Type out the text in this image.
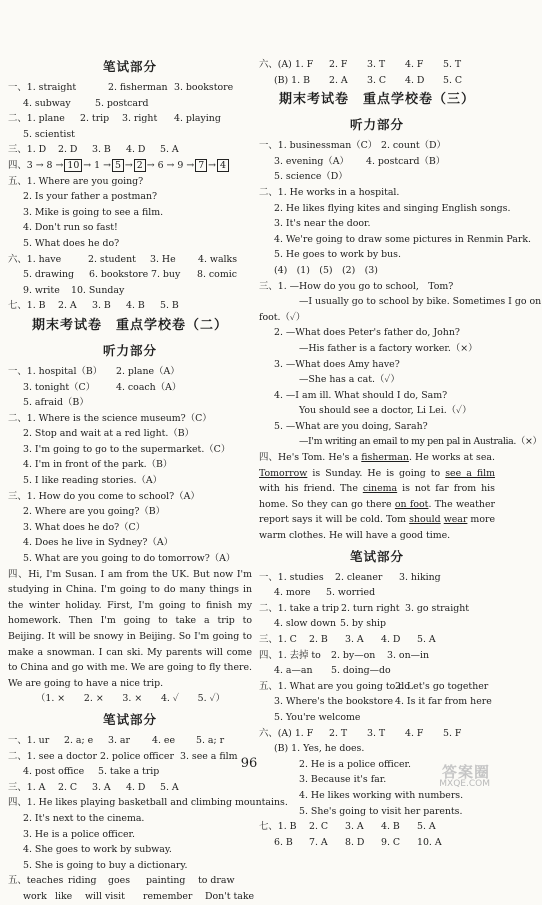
笔试部分
一、1. straight	2. fisherman 3. bookstore
4. subway	5. postcard
二、1. plane 2. trip 3. right 4. playing
5. scientist
三、1. D 2. D 3. B 4. D 5. A
四、3 → 8 → 10 → 1 → 5 → 2 → 6 → 9 → 7 → 4
五、1. Where are you going?
2. Is your father a postman?
3. Mike is going to see a film.
4. Don't run so fast!
5. What does he do?
六、1. have	2. student 3. He 4. walks
5. drawing 6. bookstore 7. buy 8. comic
9. write 10. Sunday
七、1. B 2. A 3. B 4. B 5. B
期末考试卷　重点学校卷（二）
听力部分
一、1. hospital（B） 2. plane（A）
3. tonight（C） 4. coach（A）
5. afraid（B）
二、1. Where is the science museum?（C）
2. Stop and wait at a red light.（B）
3. I'm going to go to the supermarket.（C）
4. I'm in front of the park.（B）
5. I like reading stories.（A）
三、1. How do you come to school?（A）
2. Where are you going?（B）
3. What does he do?（C）
4. Does he live in Sydney?（A）
5. What are you going to do tomorrow?（A）
四、Hi, I'm Susan. I am from the UK. But now I'm studying in China. I'm going to do many things in the winter holiday. First, I'm going to finish my homework. Then I'm going to take a trip to Beijing. It will be snowy in Beijing. So I'm going to make a snowman. I can ski. My parents will come to China and go with me. We are going to fly there. We are going to have a nice trip.
（1. ×　　2. ×　　3. ×　　4. ✓　　5. ✓）
笔试部分
一、1. ur 2. a; e 3. ar 4. ee 5. a; r
二、1. see a doctor 2. police officer 3. see a film
4. post office 5. take a trip
三、1. A 2. C 3. A 4. D 5. A
四、1. He likes playing basketball and climbing mountains.
2. It's next to the cinema.
3. He is a police officer.
4. She goes to work by subway.
5. She is going to buy a dictionary.
五、teaches riding goes painting to draw
work like will visit remember Don't take
六、(A) 1. F 2. F 3. T 4. F 5. T
(B) 1. B 2. A 3. C 4. D 5. C
期末考试卷　重点学校卷（三）
听力部分
一、1. businessman（C） 2. count（D）
3. evening（A） 4. postcard（B）
5. science（D）
二、1. He works in a hospital.
2. He likes flying kites and singing English songs.
3. It's near the door.
4. We're going to draw some pictures in Renmin Park.
5. He goes to work by bus.
(4)　(1)　(5)　(2)　(3)
三、1. —How do you go to school,　Tom?
—I usually go to school by bike. Sometimes I go on
foot.（✓）
2. —What does Peter's father do, John?
—His father is a factory worker.（×）
3. —What does Amy have?
—She has a cat.（✓）
4. —I am ill. What should I do, Sam?
You should see a doctor, Li Lei.（✓）
5. —What are you doing, Sarah?
—I'm writing an email to my pen pal in Australia.（×）
四、He's Tom. He's a fisherman. He works at sea. Tomorrow is Sunday. He is going to see a film with his friend. The cinema is not far from his home. So they can go there on foot. The weather report says it will be cold. Tom should wear more warm clothes. He will have a good time.
笔试部分
一、1. studies 2. cleaner 3. hiking
4. more 5. worried
二、1. take a trip 2. turn right 3. go straight
4. slow down 5. by ship
三、1. C 2. B 3. A 4. D 5. A
四、1. 去掉 to 2. by—on 3. on—in
4. a—an 5. doing—do
五、1. What are you going to do2. Let's go together
3. Where's the bookstore 4. Is it far from here
5. You're welcome
六、(A) 1. F 2. T 3. T 4. F 5. F
(B) 1. Yes, he does.
2. He is a police officer.
3. Because it's far.
4. He likes working with numbers.
5. She's going to visit her parents.
七、1. B 2. C 3. A 4. B 5. A
6. B 7. A 8. D 9. C 10. A
96	答案圈
MXQE.COM
